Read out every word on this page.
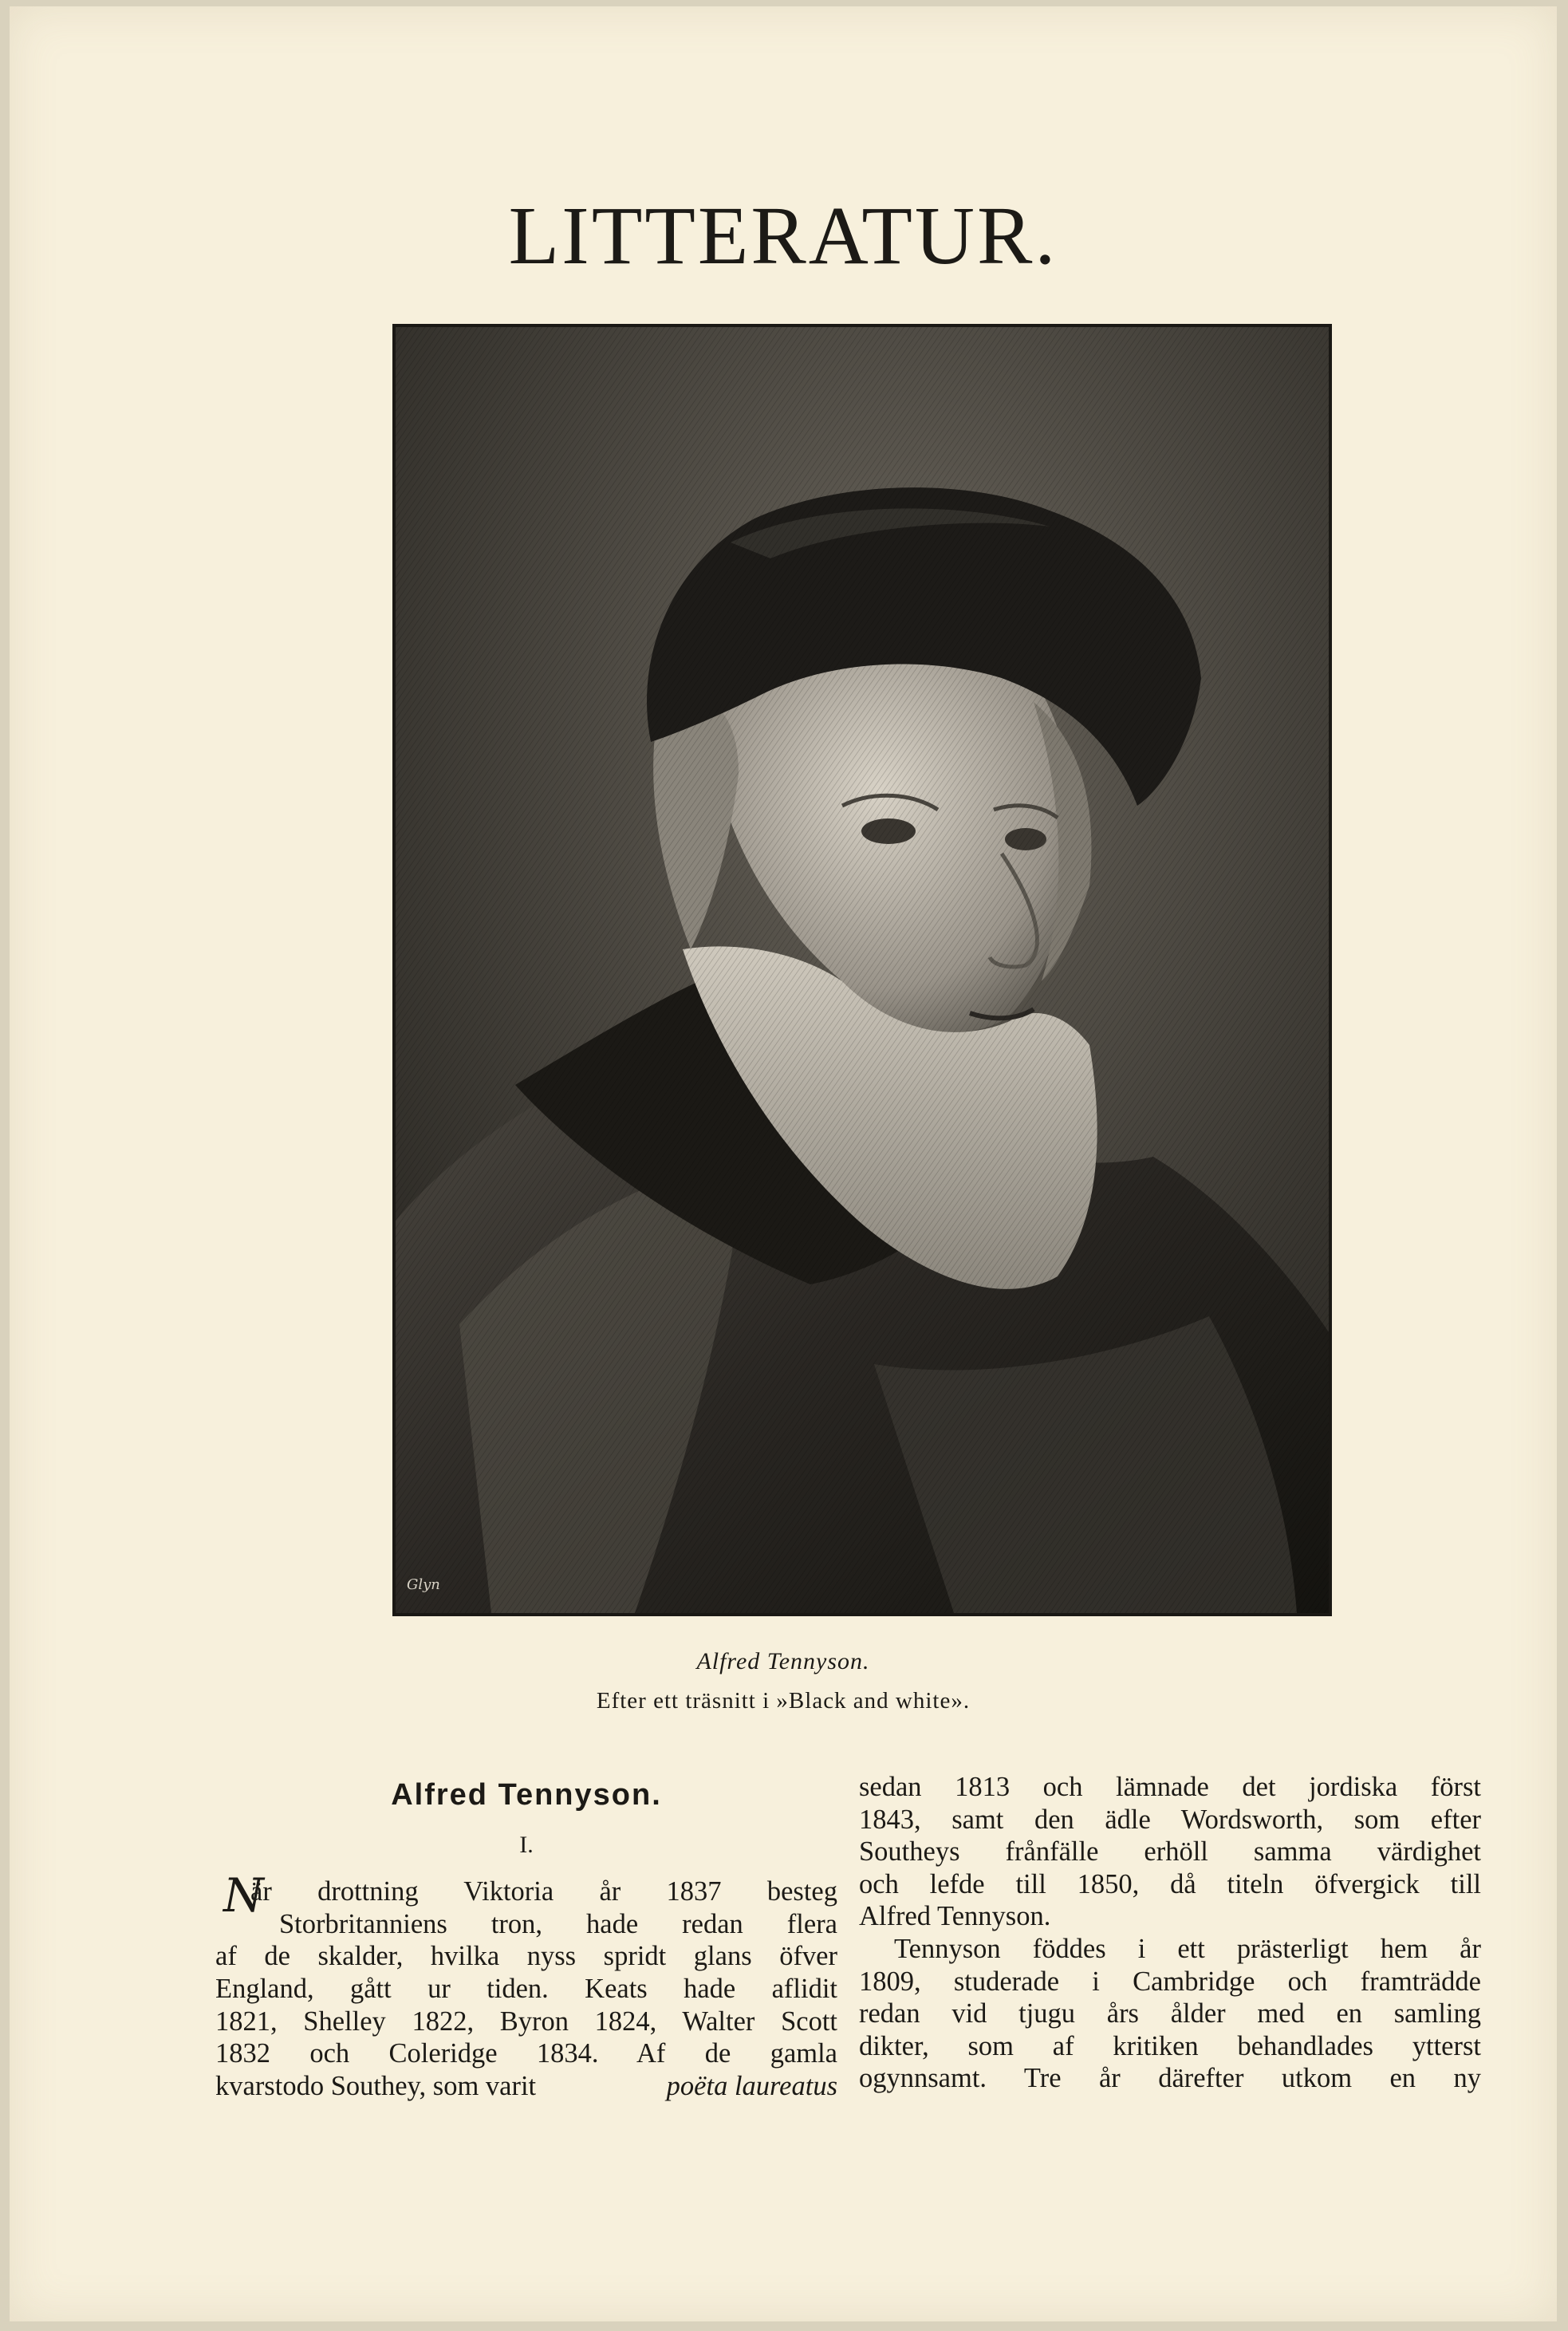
LITTERATUR.
Glyn
Alfred Tennyson.
Efter ett träsnitt i »Black and white».
Alfred Tennyson.
I.
N
är drottning Viktoria år 1837 besteg
Storbritanniens tron, hade redan flera
af de skalder, hvilka nyss spridt glans öfver
England, gått ur tiden. Keats hade aflidit
1821, Shelley 1822, Byron 1824, Walter Scott
1832 och Coleridge 1834. Af de gamla
kvarstodo Southey, som varit	poëta laureatus
sedan 1813 och lämnade det jordiska först
1843, samt den ädle Wordsworth, som efter
Southeys frånfälle erhöll samma värdighet
och lefde till 1850, då titeln öfvergick till
Alfred Tennyson.
Tennyson föddes i ett prästerligt hem år
1809, studerade i Cambridge och framträdde
redan vid tjugu års ålder med en samling
dikter, som af kritiken behandlades ytterst
ogynnsamt. Tre år därefter utkom en ny
